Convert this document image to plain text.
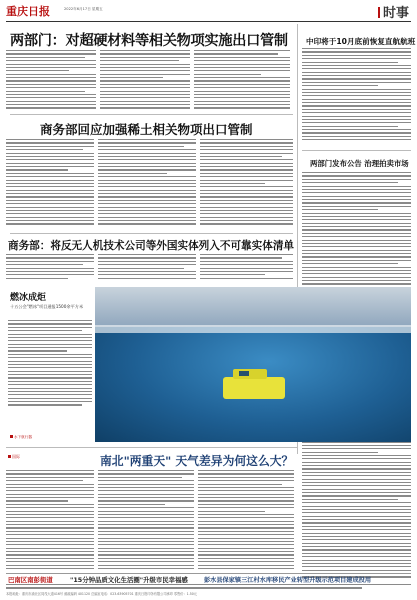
重庆日报	2022年6月17日 星期五	时事
两部门：对超硬材料等相关物项实施出口管制 中印将于10月底前恢复直航航班
商务部回应加强稀土相关物项出口管制
两部门发布公告 治理拍卖市场
商务部：将反无人机技术公司等外国实体列入不可靠实体清单
燃冰成炬
十五公会"燃冰"项目通报1500余平方米
水下航行器
南北"两重天" 天气差异为何这么大？
国际
巴南区南彭街道	"15分钟品质文化生活圈"升级市民幸福感	彭水县保家镇三江村水库移民产业转型升级示范项目建成投用
本报地址：重庆市渝北区同茂大道416号 邮政编码 401120 总编室电话：023-63905701 重庆日报印务有限公司承印 零售价：1.50元
